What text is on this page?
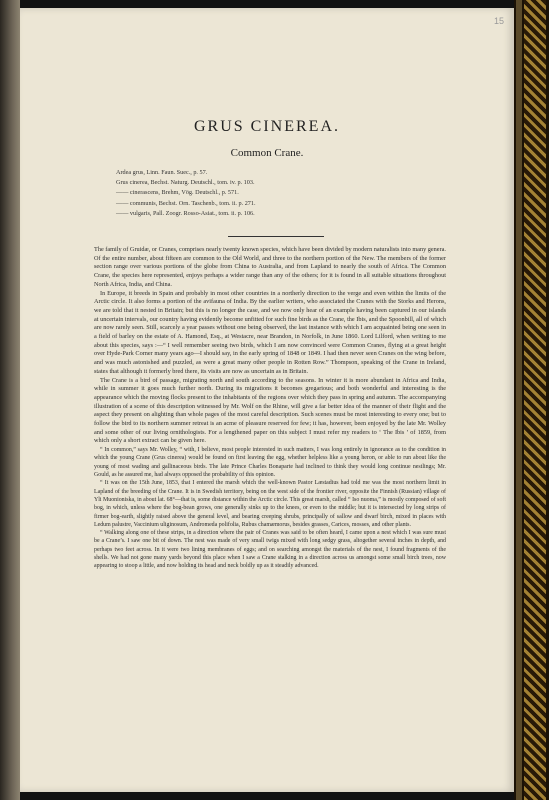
15
GRUS CINEREA.
Common Crane.
Ardea grus, Linn. Faun. Suec., p. 57.
Grus cinerea, Bechst. Naturg. Deutschl., tom. iv. p. 103.
—— cinerascens, Brehm, Vög. Deutschl., p. 571.
—— communis, Bechst. Orn. Taschenb., tom. ii. p. 271.
—— vulgaris, Pall. Zoogr. Rosso-Asiat., tom. ii. p. 106.

The family of Gruidæ, or Cranes, comprises nearly twenty known species, which have been divided by modern naturalists into many genera. Of the entire number, about fifteen are common to the Old World, and three to the northern portion of the New. The members of the former section range over various portions of the globe from China to Australia, and from Lapland to nearly the south of Africa. The Common Crane, the species here represented, enjoys perhaps a wider range than any of the others; for it is found in all suitable situations throughout North Africa, India, and China.

In Europe, it breeds in Spain and probably in most other countries in a northerly direction to the verge and even within the limits of the Arctic circle. It also forms a portion of the avifauna of India. By the earlier writers, who associated the Cranes with the Storks and Herons, we are told that it nested in Britain; but this is no longer the case, and we now only hear of an example having been captured in our islands at uncertain intervals, our country having evidently become unfitted for such fine birds as the Crane, the Ibis, and the Spoonbill, all of which are now rarely seen. Still, scarcely a year passes without one being observed, the last instance with which I am acquainted being one seen in a field of barley on the estate of A. Hamond, Esq., at Westacre, near Brandon, in Norfolk, in June 1860. Lord Lilford, when writing to me about this species, says :—“ I well remember seeing two birds, which I am now convinced were Common Cranes, flying at a great height over Hyde-Park Corner many years ago—I should say, in the early spring of 1848 or 1849. I had then never seen Cranes on the wing before, and was much astonished and puzzled, as were a great many other people in Rotten Row.” Thompson, speaking of the Crane in Ireland, states that although it formerly bred there, its visits are now as uncertain as in Britain.

The Crane is a bird of passage, migrating north and south according to the seasons. In winter it is more abundant in Africa and India, while in summer it goes much further north. During its migrations it becomes gregarious; and both wonderful and interesting is the appearance which the moving flocks present to the inhabitants of the regions over which they pass in spring and autumn. The accompanying illustration of a scene of this description witnessed by Mr. Wolf on the Rhine, will give a far better idea of the manner of their flight and the aspect they present on alighting than whole pages of the most careful description. Such scenes must be most interesting to every one; but to follow the bird to its northern summer retreat is an acme of pleasure reserved for few; it has, however, been enjoyed by the late Mr. Wolley and some other of our living ornithologists. For a lengthened paper on this subject I must refer my readers to ‘ The Ibis ’ of 1859, from which only a short extract can be given here.

“ In common,” says Mr. Wolley, “ with, I believe, most people interested in such matters, I was long entirely in ignorance as to the condition in which the young Crane (Grus cinerea) would be found on first leaving the egg, whether helpless like a young heron, or able to run about like the young of most wading and gallinaceous birds. The late Prince Charles Bonaparte had inclined to think they would long continue nestlings; Mr. Gould, as he assured me, had always opposed the probability of this opinion.

“ It was on the 15th June, 1853, that I entered the marsh which the well-known Pastor Læstadius had told me was the most northern limit in Lapland of the breeding of the Crane. It is in Swedish territory, being on the west side of the frontier river, opposite the Finnish (Russian) village of Yli Muonioniska, in about lat. 68°—that is, some distance within the Arctic circle. This great marsh, called “ Iso nuoma,” is mostly composed of soft bog, in which, unless where the bog-bean grows, one generally sinks up to the knees, or even to the middle; but it is intersected by long strips of firmer bog-earth, slightly raised above the general level, and bearing creeping shrubs, principally of sallow and dwarf birch, mixed in places with Ledum palustre, Vaccinium uliginosum, Andromeda polifolia, Rubus chamæmorus, besides grasses, Carices, mosses, and other plants.

“ Walking along one of these strips, in a direction where the pair of Cranes was said to be often heard, I came upon a nest which I was sure must be a Crane’s. I saw one bit of down. The nest was made of very small twigs mixed with long sedgy grass, altogether several inches in depth, and perhaps two feet across. In it were two lining membranes of eggs; and on searching amongst the materials of the nest, I found fragments of the shells. We had not gone many yards beyond this place when I saw a Crane stalking in a direction across us amongst some small birch trees, now appearing to stoop a little, and now holding its head and neck boldly up as it steadily advanced.
